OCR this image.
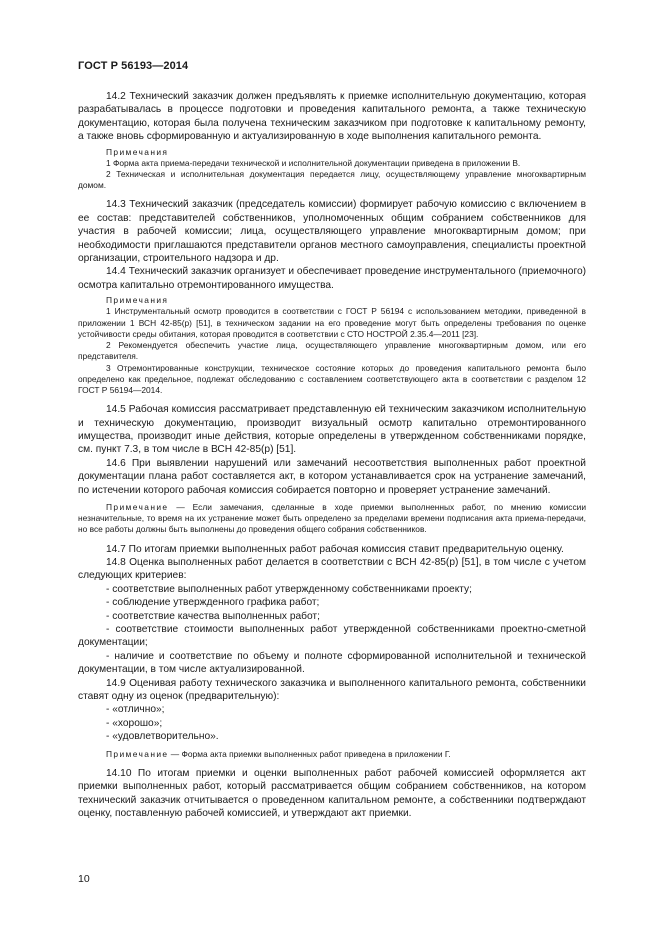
ГОСТ Р 56193—2014

14.2 Технический заказчик должен предъявлять к приемке исполнительную документацию, которая разрабатывалась в процессе подготовки и проведения капитального ремонта, а также техническую документацию, которая была получена техническим заказчиком при подготовке к капитальному ремонту, а также вновь сформированную и актуализированную в ходе выполнения капитального ремонта.

Примечания

1 Форма акта приема-передачи технической и исполнительной документации приведена в приложении В.

2 Техническая и исполнительная документация передается лицу, осуществляющему управление многоквартирным домом.

14.3 Технический заказчик (председатель комиссии) формирует рабочую комиссию с включением в ее состав: представителей собственников, уполномоченных общим собранием собственников для участия в рабочей комиссии; лица, осуществляющего управление многоквартирным домом; при необходимости приглашаются представители органов местного самоуправления, специалисты проектной организации, строительного надзора и др.

14.4 Технический заказчик организует и обеспечивает проведение инструментального (приемочного) осмотра капитально отремонтированного имущества.

Примечания

1 Инструментальный осмотр проводится в соответствии с ГОСТ Р 56194 с использованием методики, приведенной в приложении 1 ВСН 42-85(р) [51], в техническом задании на его проведение могут быть определены требования по оценке устойчивости среды обитания, которая проводится в соответствии с СТО НОСТРОЙ 2.35.4—2011 [23].

2 Рекомендуется обеспечить участие лица, осуществляющего управление многоквартирным домом, или его представителя.

3 Отремонтированные конструкции, техническое состояние которых до проведения капитального ремонта было определено как предельное, подлежат обследованию с составлением соответствующего акта в соответствии с разделом 12 ГОСТ Р 56194—2014.

14.5 Рабочая комиссия рассматривает представленную ей техническим заказчиком исполнительную и техническую документацию, производит визуальный осмотр капитально отремонтированного имущества, производит иные действия, которые определены в утвержденном собственниками порядке, см. пункт 7.3, в том числе в ВСН 42-85(р) [51].

14.6 При выявлении нарушений или замечаний несоответствия выполненных работ проектной документации плана работ составляется акт, в котором устанавливается срок на устранение замечаний, по истечении которого рабочая комиссия собирается повторно и проверяет устранение замечаний.

Примечание — Если замечания, сделанные в ходе приемки выполненных работ, по мнению комиссии незначительные, то время на их устранение может быть определено за пределами времени подписания акта приема-передачи, но все работы должны быть выполнены до проведения общего собрания собственников.

14.7 По итогам приемки выполненных работ рабочая комиссия ставит предварительную оценку.

14.8 Оценка выполненных работ делается в соответствии с ВСН 42-85(р) [51], в том числе с учетом следующих критериев:

- соответствие выполненных работ утвержденному собственниками проекту;

- соблюдение утвержденного графика работ;

- соответствие качества выполненных работ;

- соответствие стоимости выполненных работ утвержденной собственниками проектно-сметной документации;

- наличие и соответствие по объему и полноте сформированной исполнительной и технической документации, в том числе актуализированной.

14.9 Оценивая работу технического заказчика и выполненного капитального ремонта, собственники ставят одну из оценок (предварительную):

- «отлично»;

- «хорошо»;

- «удовлетворительно».

Примечание — Форма акта приемки выполненных работ приведена в приложении Г.

14.10 По итогам приемки и оценки выполненных работ рабочей комиссией оформляется акт приемки выполненных работ, который рассматривается общим собранием собственников, на котором технический заказчик отчитывается о проведенном капитальном ремонте, а собственники подтверждают оценку, поставленную рабочей комиссией, и утверждают акт приемки.

10
